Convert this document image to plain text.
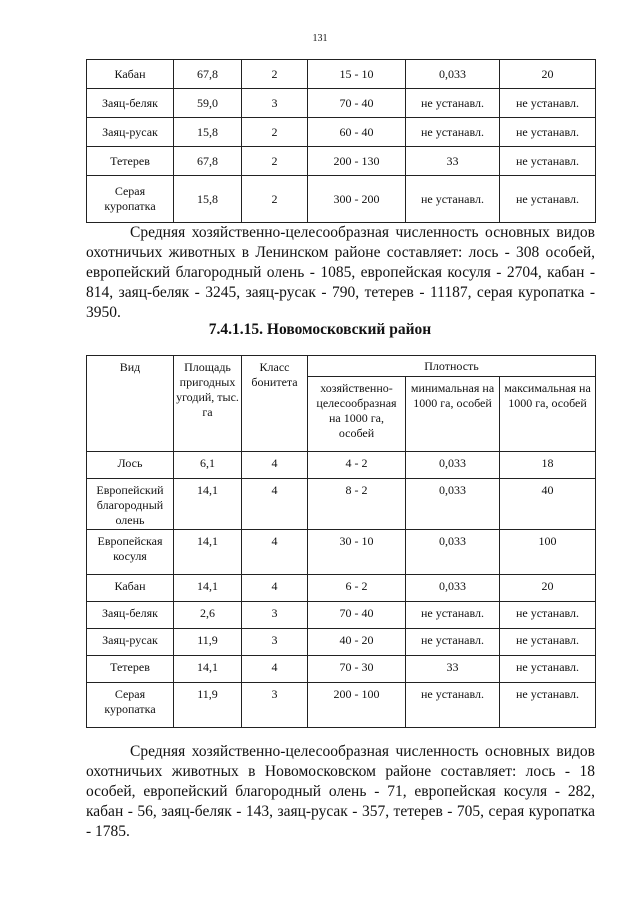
131
Кабан	67,8	2	15 - 10	0,033	20
Заяц-беляк	59,0	3	70 - 40	не устанавл.	не устанавл.
Заяц-русак	15,8	2	60 - 40	не устанавл.	не устанавл.
Тетерев	67,8	2	200 - 130	33	не устанавл.
Серая куропатка	15,8	2	300 - 200	не устанавл.	не устанавл.

Средняя хозяйственно-целесообразная численность основных видов охотничьих животных в Ленинском районе составляет: лось - 308 особей, европейский благородный олень - 1085, европейская косуля - 2704, кабан - 814, заяц-беляк - 3245, заяц-русак - 790, тетерев - 11187, серая куропатка - 3950.

7.4.1.15. Новомосковский район
Вид	Площадь пригодных угодий, тыс. га	Класс бонитета	Плотность		
			хозяйственно-целесообразная на 1000 га, особей	минимальная на 1000 га, особей	максимальная на 1000 га, особей
Лось	6,1	4	4 - 2	0,033	18
Европейский благородный олень	14,1	4	8 - 2	0,033	40
Европейская косуля	14,1	4	30 - 10	0,033	100
Кабан	14,1	4	6 - 2	0,033	20
Заяц-беляк	2,6	3	70 - 40	не устанавл.	не устанавл.
Заяц-русак	11,9	3	40 - 20	не устанавл.	не устанавл.
Тетерев	14,1	4	70 - 30	33	не устанавл.
Серая куропатка	11,9	3	200 - 100	не устанавл.	не устанавл.

Средняя хозяйственно-целесообразная численность основных видов охотничьих животных в Новомосковском районе составляет: лось - 18 особей, европейский благородный олень - 71, европейская косуля - 282, кабан - 56, заяц-беляк - 143, заяц-русак - 357, тетерев - 705, серая куропатка - 1785.
